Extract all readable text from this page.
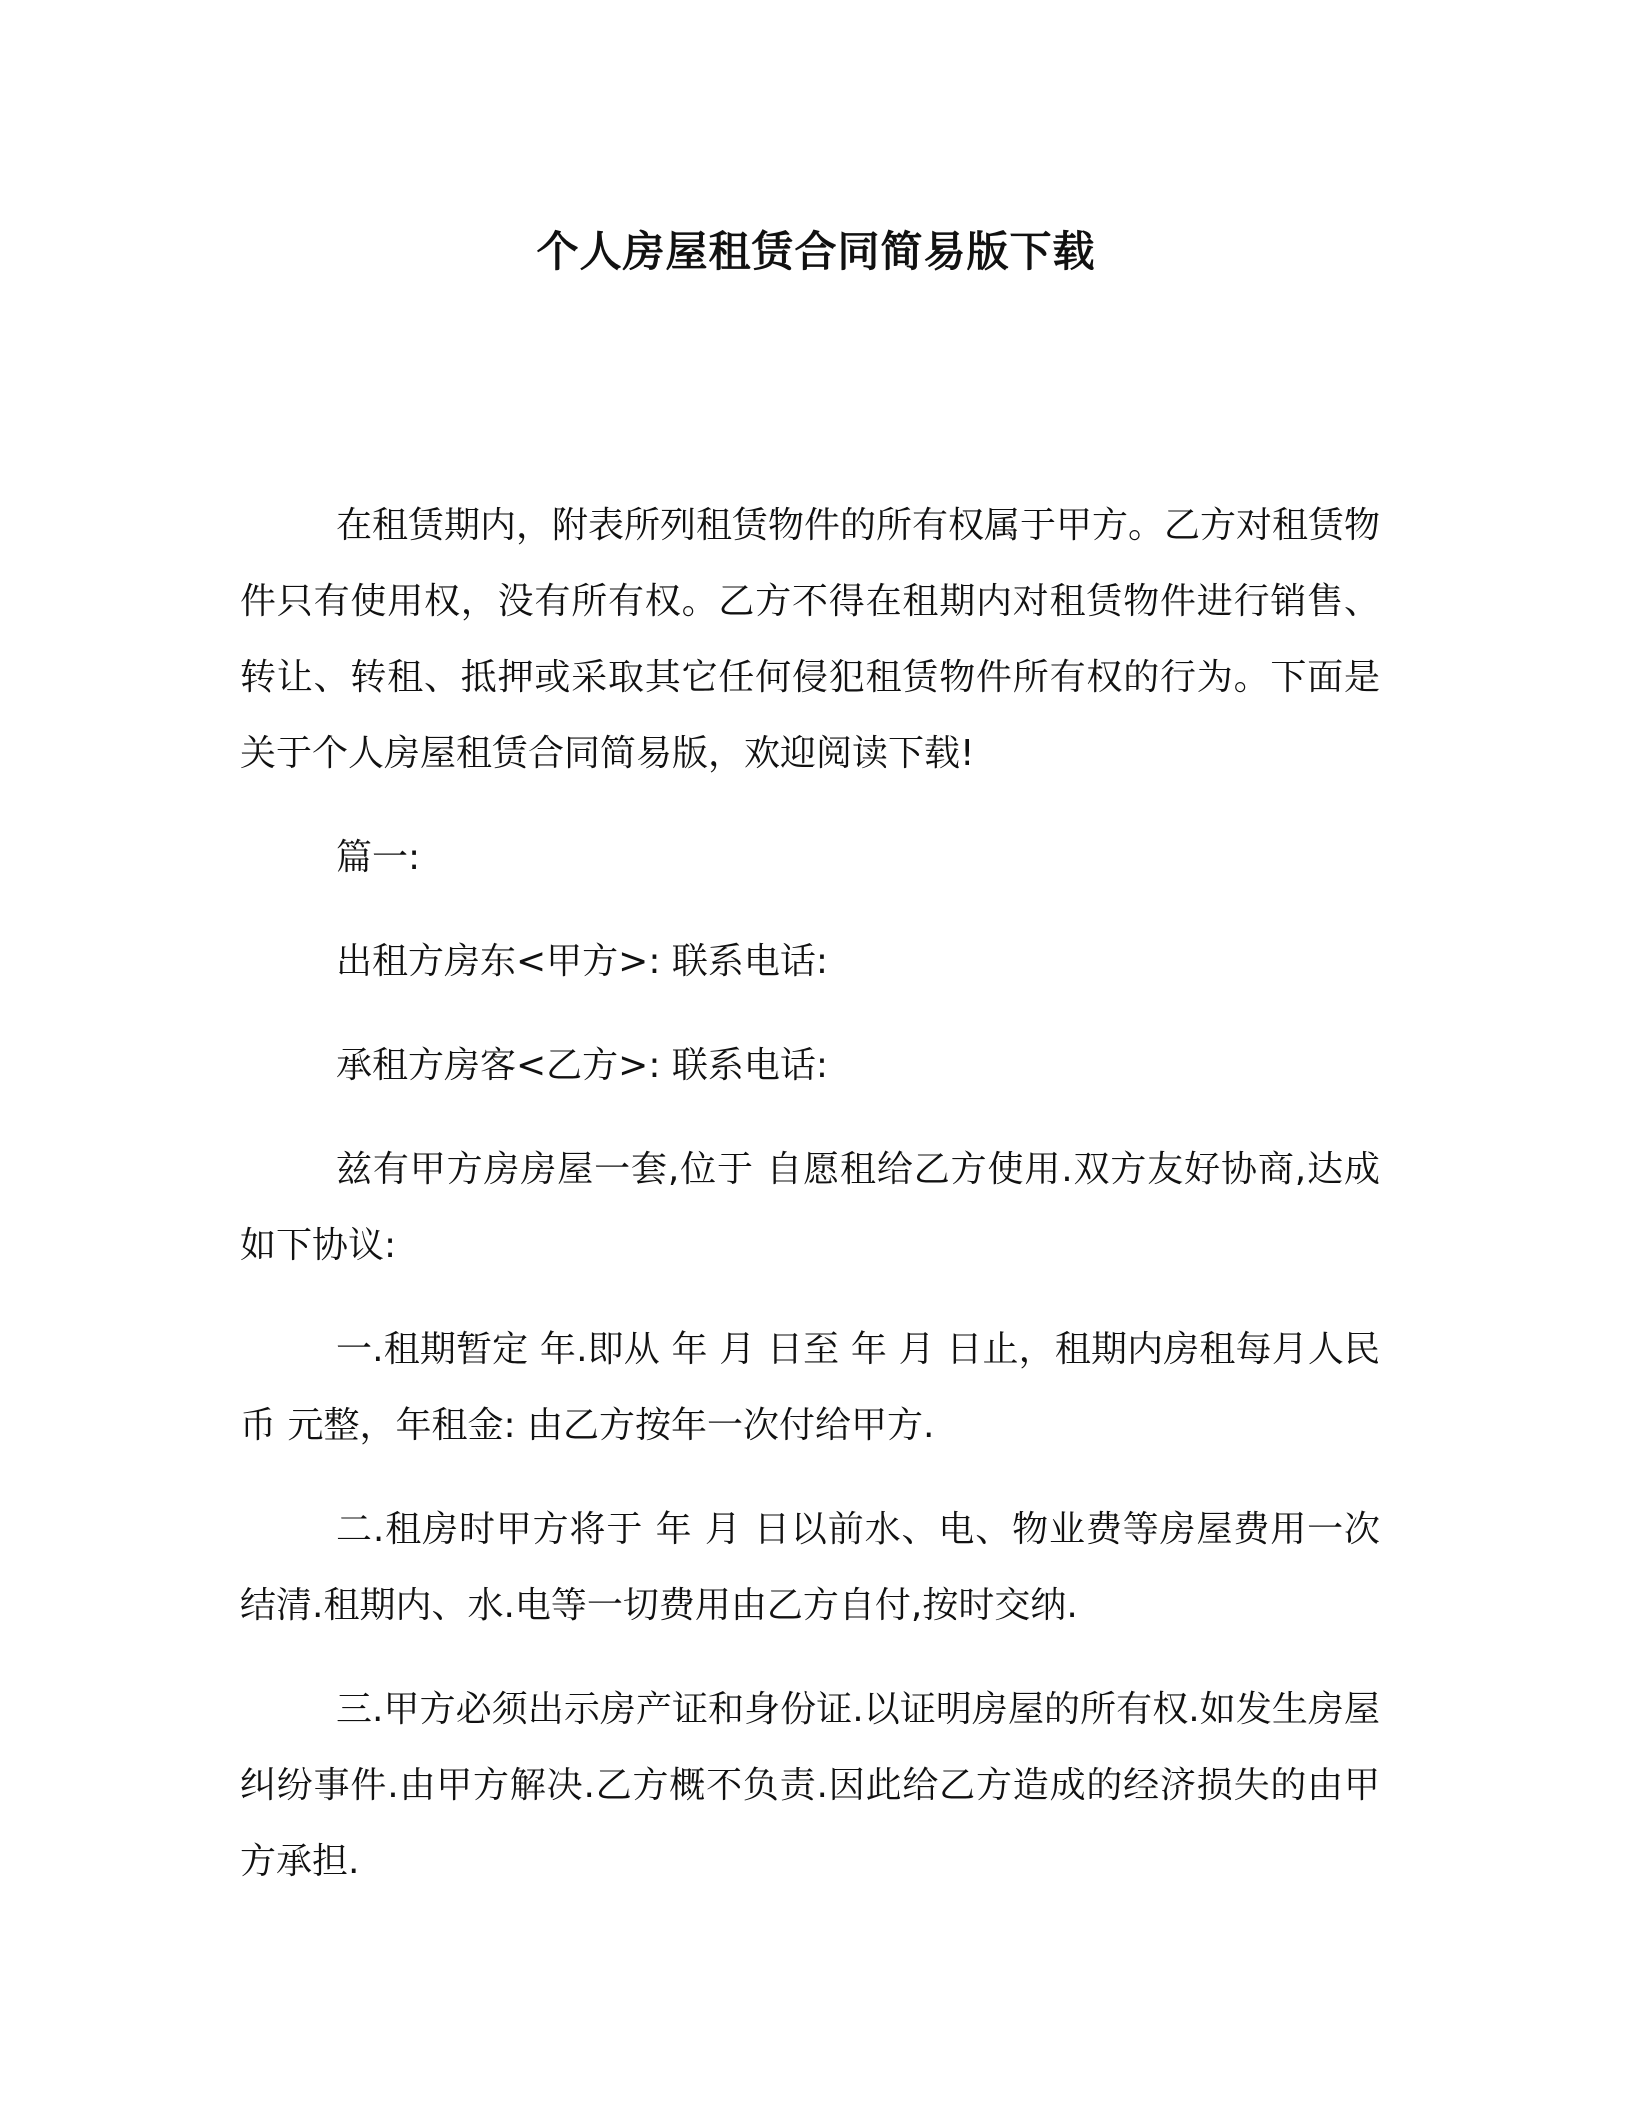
个人房屋租赁合同简易版下载

在租赁期内，附表所列租赁物件的所有权属于甲方。乙方对租赁物件只有使用权，没有所有权。乙方不得在租期内对租赁物件进行销售、转让、转租、抵押或采取其它任何侵犯租赁物件所有权的行为。下面是关于个人房屋租赁合同简易版，欢迎阅读下载!

篇一:

出租方房东<甲方>: 联系电话:

承租方房客<乙方>: 联系电话:

兹有甲方房房屋一套,位于 自愿租给乙方使用.双方友好协商,达成如下协议:

一.租期暂定 年.即从 年 月 日至 年 月 日止，租期内房租每月人民币 元整，年租金: 由乙方按年一次付给甲方.

二.租房时甲方将于 年 月 日以前水、电、物业费等房屋费用一次结清.租期内、水.电等一切费用由乙方自付,按时交纳.

三.甲方必须出示房产证和身份证.以证明房屋的所有权.如发生房屋纠纷事件.由甲方解决.乙方概不负责.因此给乙方造成的经济损失的由甲方承担.
